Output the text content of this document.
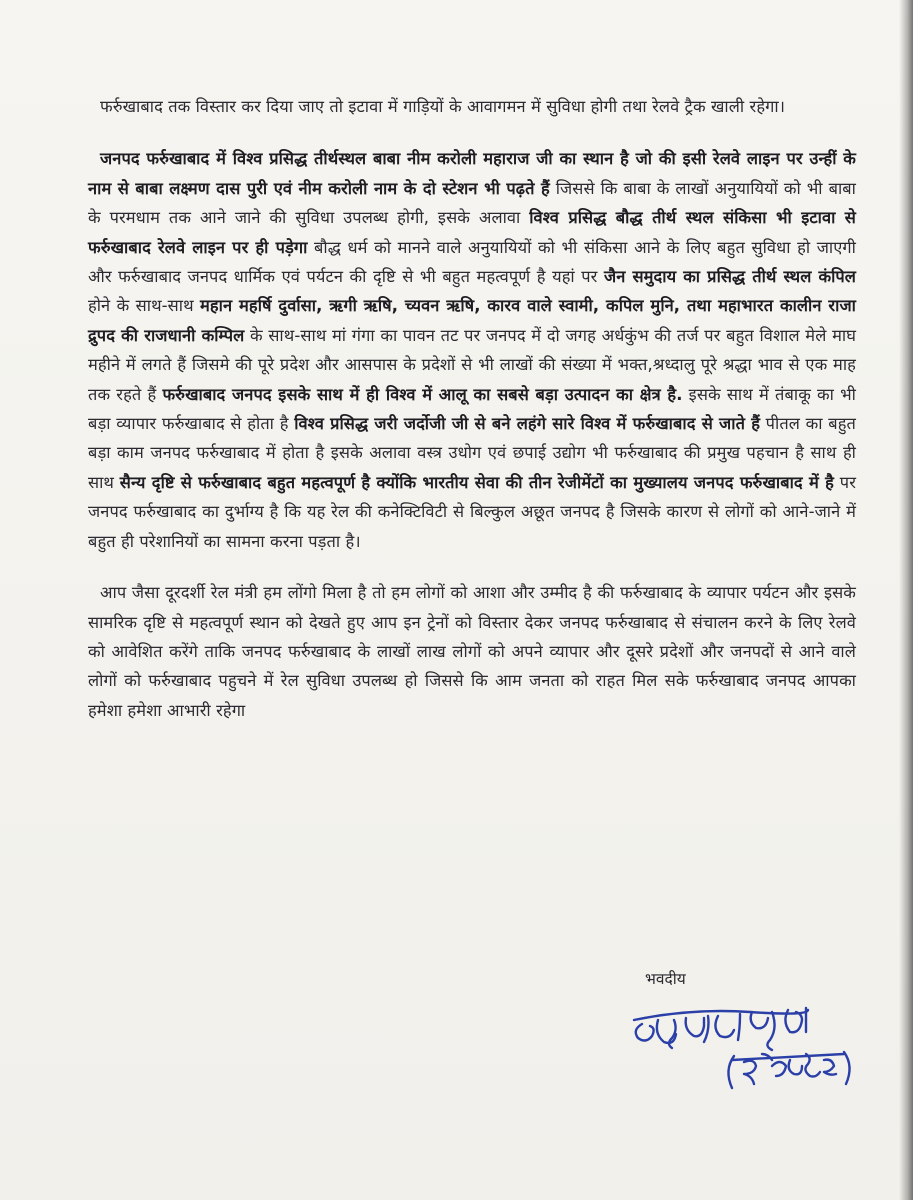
फर्रुखाबाद तक विस्तार कर दिया जाए तो इटावा में गाड़ियों के आवागमन में सुविधा होगी तथा रेलवे ट्रैक खाली रहेगा।

जनपद फर्रुखाबाद में विश्व प्रसिद्ध तीर्थस्थल बाबा नीम करोली महाराज जी का स्थान है जो की इसी रेलवे लाइन पर उन्हीं के नाम से बाबा लक्ष्मण दास पुरी एवं नीम करोली नाम के दो स्टेशन भी पढ़ते हैं जिससे कि बाबा के लाखों अनुयायियों को भी बाबा के परमधाम तक आने जाने की सुविधा उपलब्ध होगी, इसके अलावा विश्व प्रसिद्ध बौद्ध तीर्थ स्थल संकिसा भी इटावा से फर्रुखाबाद रेलवे लाइन पर ही पड़ेगा बौद्ध धर्म को मानने वाले अनुयायियों को भी संकिसा आने के लिए बहुत सुविधा हो जाएगी और फर्रुखाबाद जनपद धार्मिक एवं पर्यटन की दृष्टि से भी बहुत महत्वपूर्ण है यहां पर जैन समुदाय का प्रसिद्ध तीर्थ स्थल कंपिल होने के साथ-साथ महान महर्षि दुर्वासा, ऋगी ऋषि, च्यवन ऋषि, कारव वाले स्वामी, कपिल मुनि, तथा महाभारत कालीन राजा द्रुपद की राजधानी कम्पिल के साथ-साथ मां गंगा का पावन तट पर जनपद में दो जगह अर्धकुंभ की तर्ज पर बहुत विशाल मेले माघ महीने में लगते हैं जिसमे की पूरे प्रदेश और आसपास के प्रदेशों से भी लाखों की संख्या में भक्त,श्रध्दालु पूरे श्रद्धा भाव से एक माह तक रहते हैं फर्रुखाबाद जनपद इसके साथ में ही विश्व में आलू का सबसे बड़ा उत्पादन का क्षेत्र है. इसके साथ में तंबाकू का भी बड़ा व्यापार फर्रुखाबाद से होता है विश्व प्रसिद्ध जरी जर्दोजी जी से बने लहंगे सारे विश्व में फर्रुखाबाद से जाते हैं पीतल का बहुत बड़ा काम जनपद फर्रुखाबाद में होता है इसके अलावा वस्त्र उधोग एवं छपाई उद्योग भी फर्रुखाबाद की प्रमुख पहचान है साथ ही साथ सैन्य दृष्टि से फर्रुखाबाद बहुत महत्वपूर्ण है क्योंकि भारतीय सेवा की तीन रेजीमेंटों का मुख्यालय जनपद फर्रुखाबाद में है पर जनपद फर्रुखाबाद का दुर्भाग्य है कि यह रेल की कनेक्टिविटी से बिल्कुल अछूत जनपद है जिसके कारण से लोगों को आने-जाने में बहुत ही परेशानियों का सामना करना पड़ता है।

आप जैसा दूरदर्शी रेल मंत्री हम लोंगो मिला है तो हम लोगों को आशा और उम्मीद है की फर्रुखाबाद के व्यापार पर्यटन और इसके सामरिक दृष्टि से महत्वपूर्ण स्थान को देखते हुए आप इन ट्रेनों को विस्तार देकर जनपद फर्रुखाबाद से संचालन करने के लिए रेलवे को आवेशित करेंगे ताकि जनपद फर्रुखाबाद के लाखों लाख लोगों को अपने व्यापार और दूसरे प्रदेशों और जनपदों से आने वाले लोगों को फर्रुखाबाद पहुचने में रेल सुविधा उपलब्ध हो जिससे कि आम जनता को राहत मिल सके फर्रुखाबाद जनपद आपका हमेशा हमेशा आभारी रहेगा

भवदीय
